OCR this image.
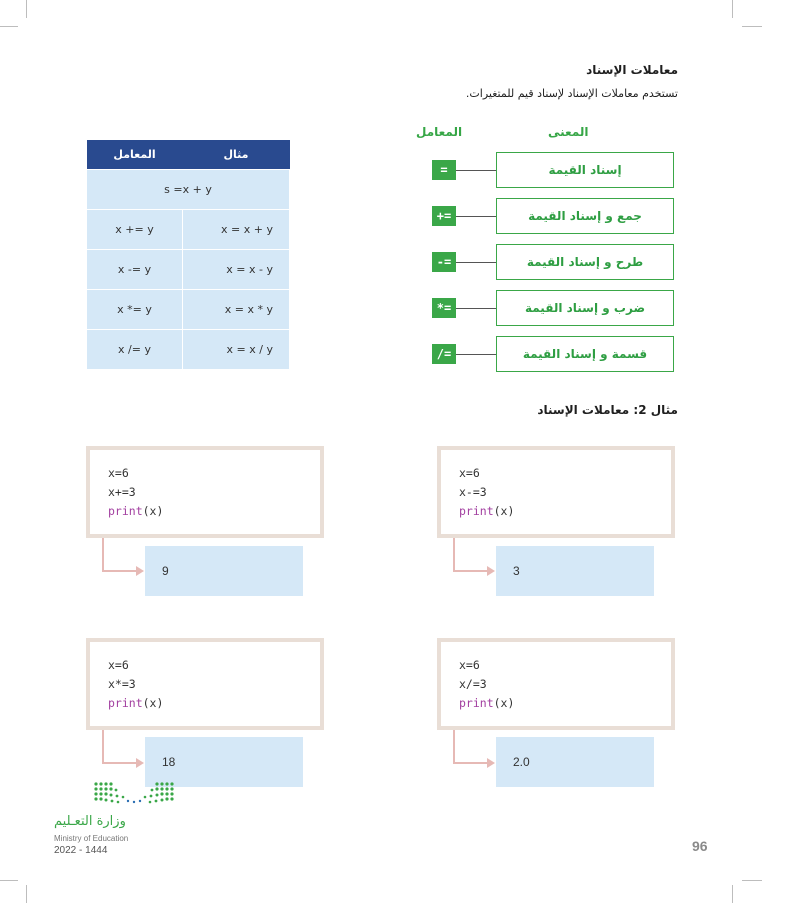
معاملات الإسناد
تستخدم معاملات الإسناد لإسناد قيم للمتغيرات.
المعنى
المعامل
=	إسناد القيمة
+=	جمع و إسناد القيمة
-=	طرح و إسناد القيمة
*=	ضرب و إسناد القيمة
/=	قسمة و إسناد القيمة
المعامل	مثال
s =x + y	
x += y	x = x + y
x -= y	x = x - y
x *= y	x = x * y
x /= y	x = x / y
مثال 2: معاملات الإسناد
x=6
x+=3
print(x)
9
x=6
x-=3
print(x)
3
x=6
x*=3
print(x)
18
x=6
x/=3
print(x)
2.0
وزارة التعـليم
Ministry of Education
2022 - 1444	96
